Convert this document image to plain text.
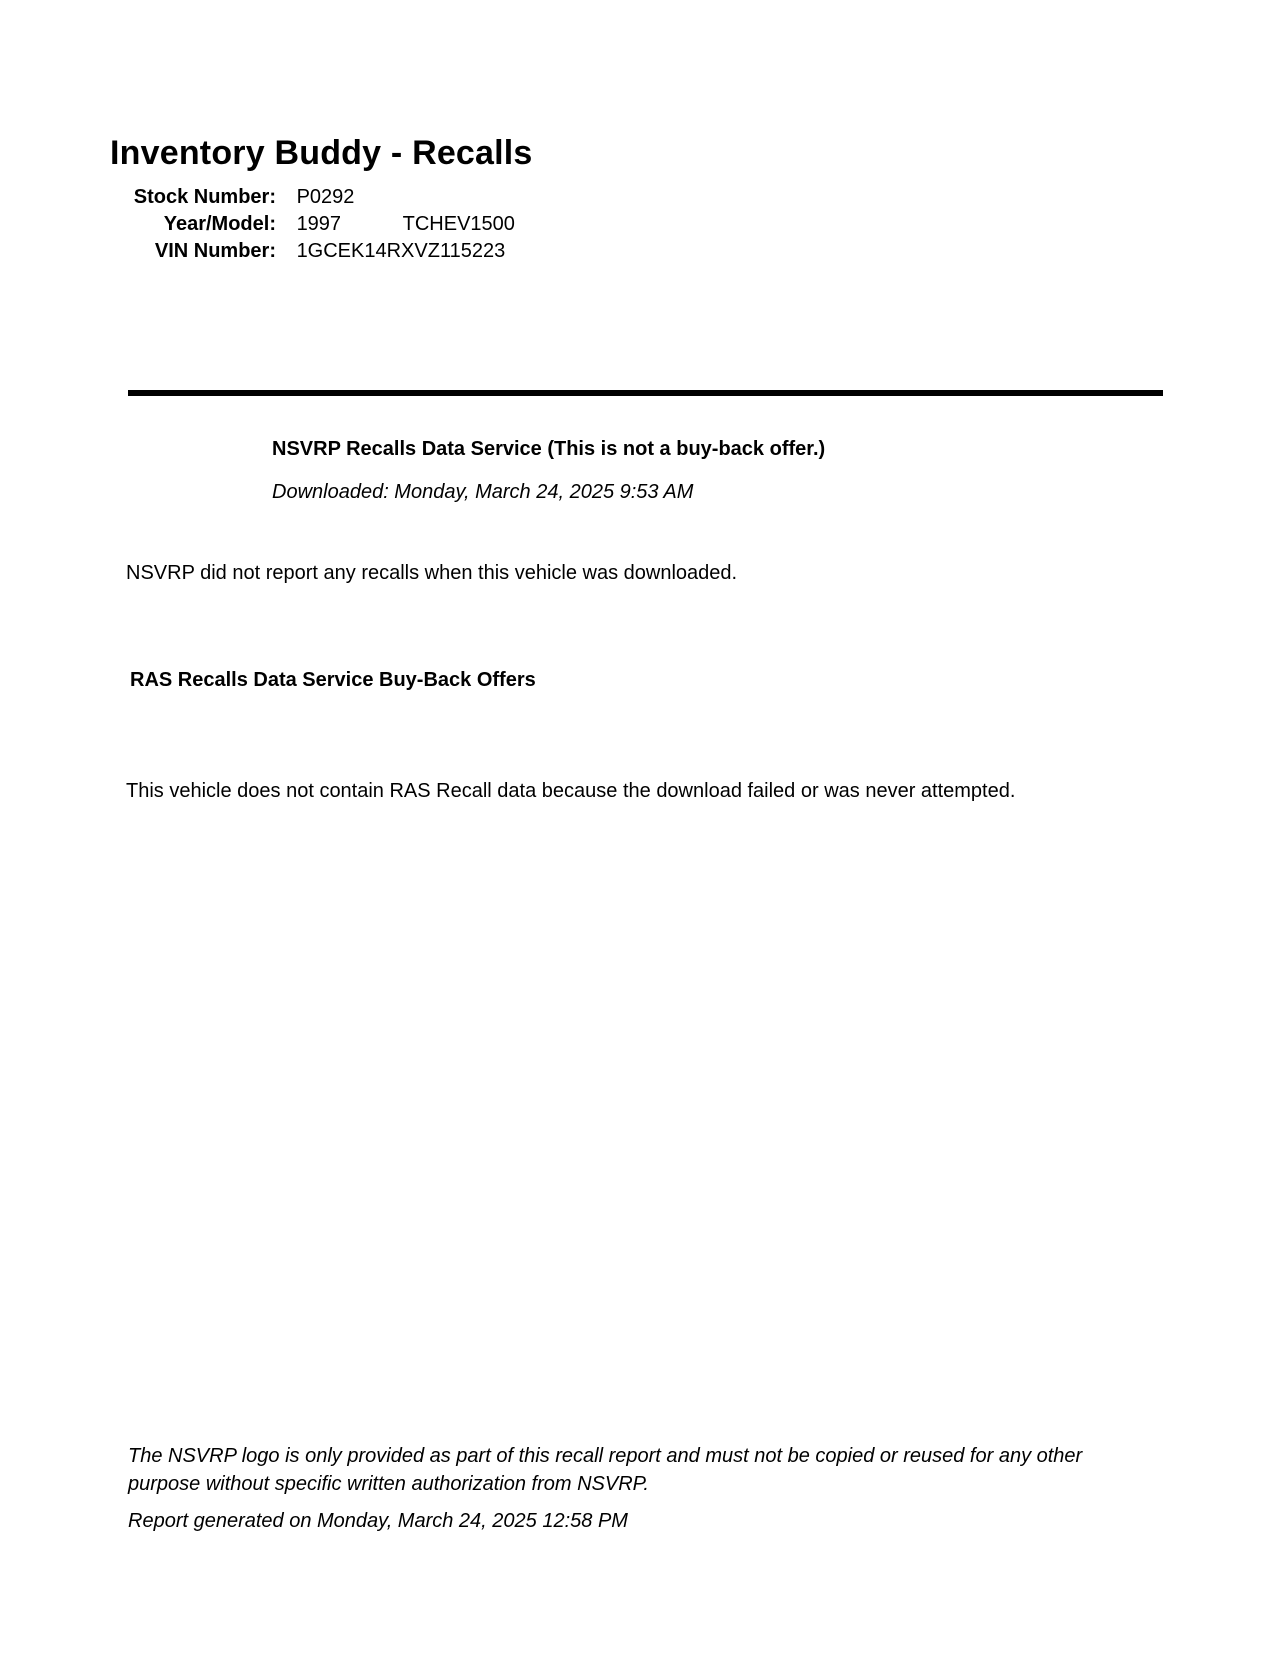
Inventory Buddy - Recalls
Stock Number: P0292
Year/Model: 1997	TCHEV1500
VIN Number: 1GCEK14RXVZ115223
NSVRP Recalls Data Service (This is not a buy-back offer.)
Downloaded: Monday, March 24, 2025 9:53 AM
NSVRP did not report any recalls when this vehicle was downloaded.
RAS Recalls Data Service Buy-Back Offers
This vehicle does not contain RAS Recall data because the download failed or was never attempted.
The NSVRP logo is only provided as part of this recall report and must not be copied or reused for any other purpose without specific written authorization from NSVRP.
Report generated on Monday, March 24, 2025 12:58 PM
